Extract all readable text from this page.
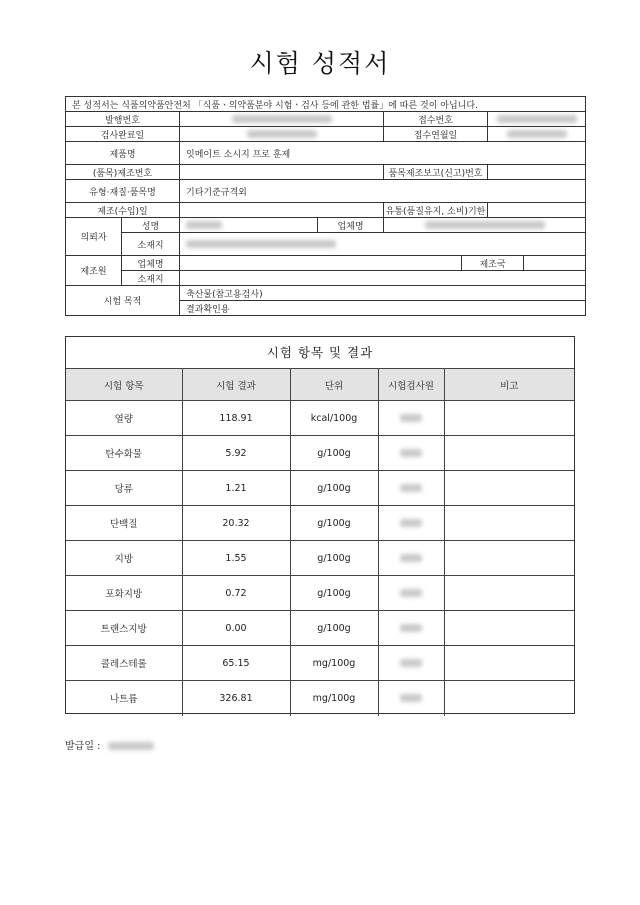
시험 성적서
본 성적서는 식품의약품안전처 「식품ㆍ의약품분야 시험ㆍ검사 등에 관한 법률」에 따른 것이 아닙니다.							
발행번호				접수번호			
검사완료일				접수연월일			
제품명		잇메이트 소시지 프로 훈제					
(품목)제조번호				품목제조보고(신고)번호			
유형·재질·품목명		기타기준규격외					
제조(수입)일				유통(품질유지, 소비)기한			
의뢰자	성명		업체명				
	소재지						
제조원	업체명				제조국		
	소재지						
시험 목적		축산물(참고용검사)					
		결과확인용					
시험 항목 및 결과
시험 항목	시험 결과	단위	시험검사원	비고
열량	118.91	kcal/100g		
탄수화물	5.92	g/100g		
당류	1.21	g/100g		
단백질	20.32	g/100g		
지방	1.55	g/100g		
포화지방	0.72	g/100g		
트랜스지방	0.00	g/100g		
콜레스테롤	65.15	mg/100g		
나트륨	326.81	mg/100g		
발급일 :
